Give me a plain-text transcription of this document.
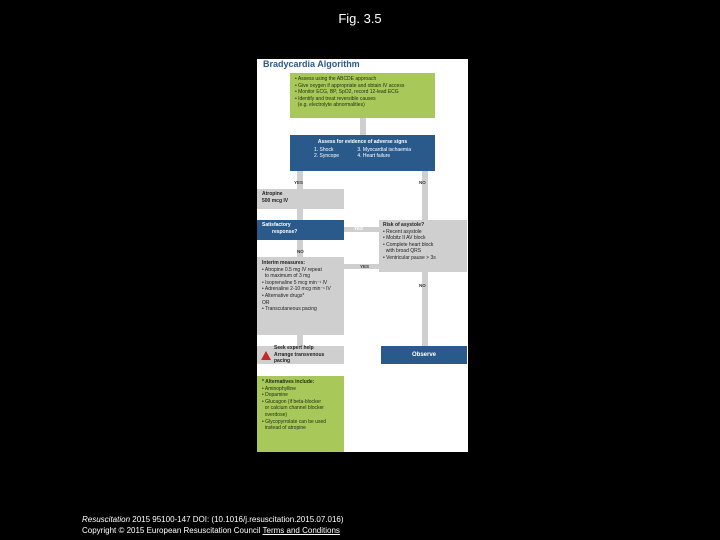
Fig. 3.5
Bradycardia Algorithm
• Assess using the ABCDE approach
• Give oxygen if appropriate and obtain IV access
• Monitor ECG, BP, SpO2, record 12-lead ECG
• Identify and treat reversible causes
(e.g. electrolyte abnormalities)
Assess for evidence of adverse signs
1. Shock
2. Syncope
3. Myocardial ischaemia
4. Heart failure
YES	NO
Atropine
500 mcg IV
Satisfactory
response?
YES
Risk of asystole?
• Recent asystole
• Mobitz II AV block
• Complete heart block
with broad QRS
• Ventricular pause > 3s
NO
YES
NO
Interim measures:
• Atropine 0.5 mg IV repeat
to maximum of 3 mg
• Isoprenaline 5 mcg min⁻¹ IV
• Adrenaline 2-10 mcg min⁻¹ IV
• Alternative drugs*
OR
• Transcutaneous pacing
Seek expert help
Arrange transvenous pacing
Observe
* Alternatives include:
• Aminophylline
• Dopamine
• Glucagon (if beta-blocker
or calcium channel blocker
overdose)
• Glycopyrrolate can be used
instead of atropine
Resuscitation 2015 95100-147 DOI: (10.1016/j.resuscitation.2015.07.016)
Copyright © 2015 European Resuscitation Council Terms and Conditions
